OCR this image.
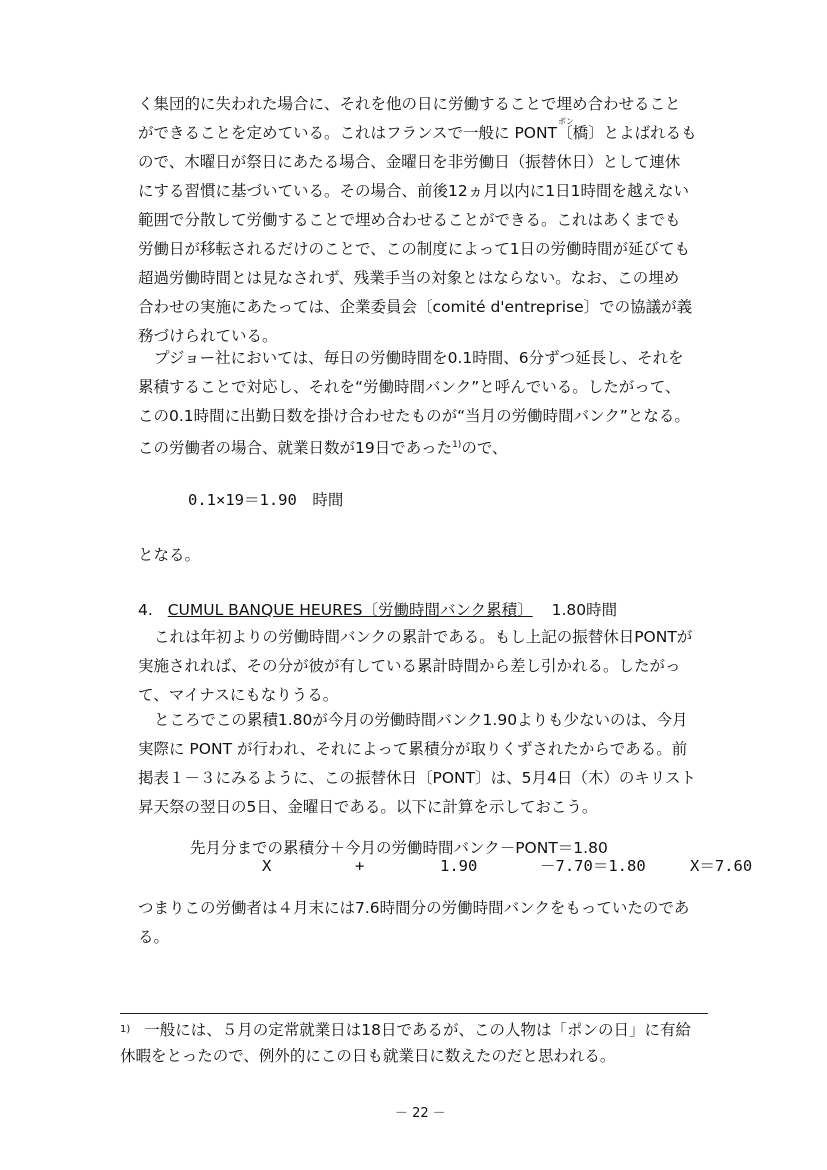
く集団的に失われた場合に、それを他の日に労働することで埋め合わせること
ポン
ができることを定めている。これはフランスで一般に PONT〔橋〕とよばれるも
ので、木曜日が祭日にあたる場合、金曜日を非労働日（振替休日）として連休
にする習慣に基づいている。その場合、前後12ヵ月以内に1日1時間を越えない
範囲で分散して労働することで埋め合わせることができる。これはあくまでも
労働日が移転されるだけのことで、この制度によって1日の労働時間が延びても
超過労働時間とは見なされず、残業手当の対象とはならない。なお、この埋め
合わせの実施にあたっては、企業委員会〔comité d'entreprise〕での協議が義
務づけられている。
プジョー社においては、毎日の労働時間を0.1時間、6分ずつ延長し、それを
累積することで対応し、それを“労働時間バンク”と呼んでいる。したがって、
この0.1時間に出勤日数を掛け合わせたものが“当月の労働時間バンク”となる。
この労働者の場合、就業日数が19日であった$^{1)}$ので、
0.1×19＝1.90　時間
となる。
4. CUMUL BANQUE HEURES〔労働時間バンク累積〕 1.80時間
これは年初よりの労働時間バンクの累計である。もし上記の振替休日PONTが
実施されれば、その分が彼が有している累計時間から差し引かれる。したがっ
て、マイナスにもなりうる。
ところでこの累積1.80が今月の労働時間バンク1.90よりも少ないのは、今月
実際に PONT が行われ、それによって累積分が取りくずされたからである。前
掲表１－３にみるように、この振替休日〔PONT〕は、5月4日（木）のキリスト
昇天祭の翌日の5日、金曜日である。以下に計算を示しておこう。
先月分までの累積分＋今月の労働時間バンク－PONT＝1.80
X	+	1.90	－7.70＝1.80	X＝7.60
つまりこの労働者は４月末には7.6時間分の労働時間バンクをもっていたのであ
る。
$^{1)}$ 一般には、５月の定常就業日は18日であるが、この人物は「ポンの日」に有給
休暇をとったので、例外的にこの日も就業日に数えたのだと思われる。
－ 22 －
